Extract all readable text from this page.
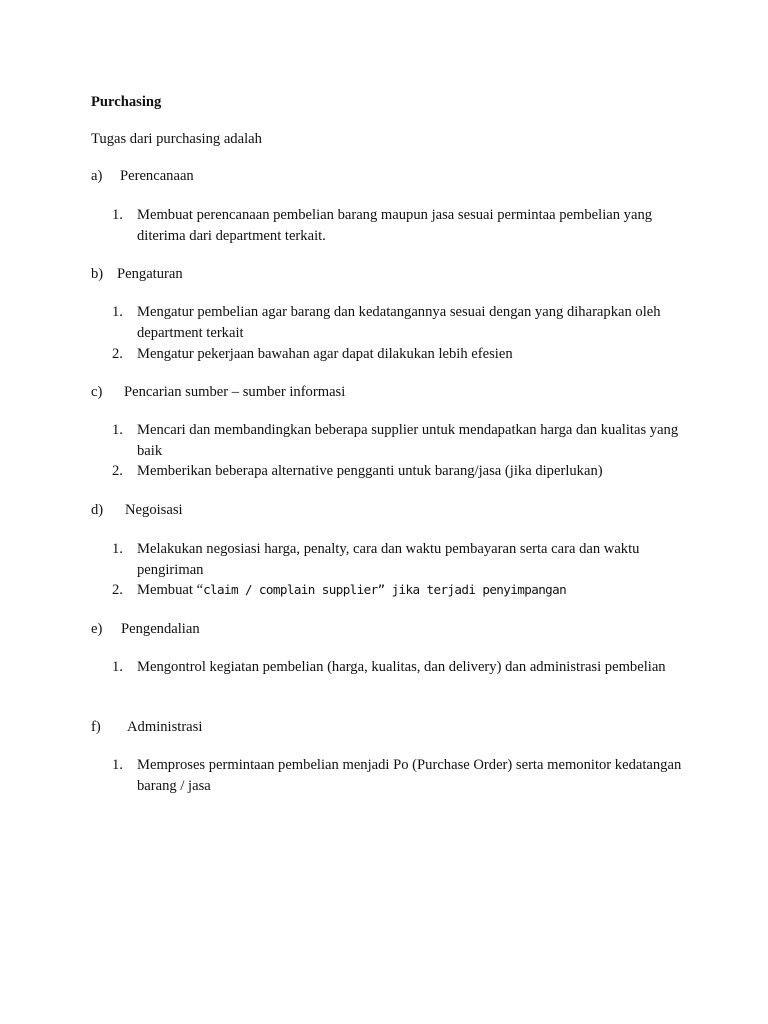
Purchasing

Tugas dari purchasing adalah

a) Perencanaan
1. Membuat perencanaan pembelian barang maupun jasa sesuai permintaa pembelian yang diterima dari department terkait.
b) Pengaturan
1. Mengatur pembelian agar barang dan kedatangannya sesuai dengan yang diharapkan oleh department terkait
2. Mengatur pekerjaan bawahan agar dapat dilakukan lebih efesien
c) Pencarian sumber – sumber informasi
1. Mencari dan membandingkan beberapa supplier untuk mendapatkan harga dan kualitas yang baik
2. Memberikan beberapa alternative pengganti untuk barang/jasa (jika diperlukan)
d) Negoisasi
1. Melakukan negosiasi harga, penalty, cara dan waktu pembayaran serta cara dan waktu pengiriman
2. Membuat “claim / complain supplier” jika terjadi penyimpangan
e) Pengendalian
1. Mengontrol kegiatan pembelian (harga, kualitas, dan delivery) dan administrasi pembelian
f) Administrasi
1. Memproses permintaan pembelian menjadi Po (Purchase Order) serta memonitor kedatangan barang / jasa
